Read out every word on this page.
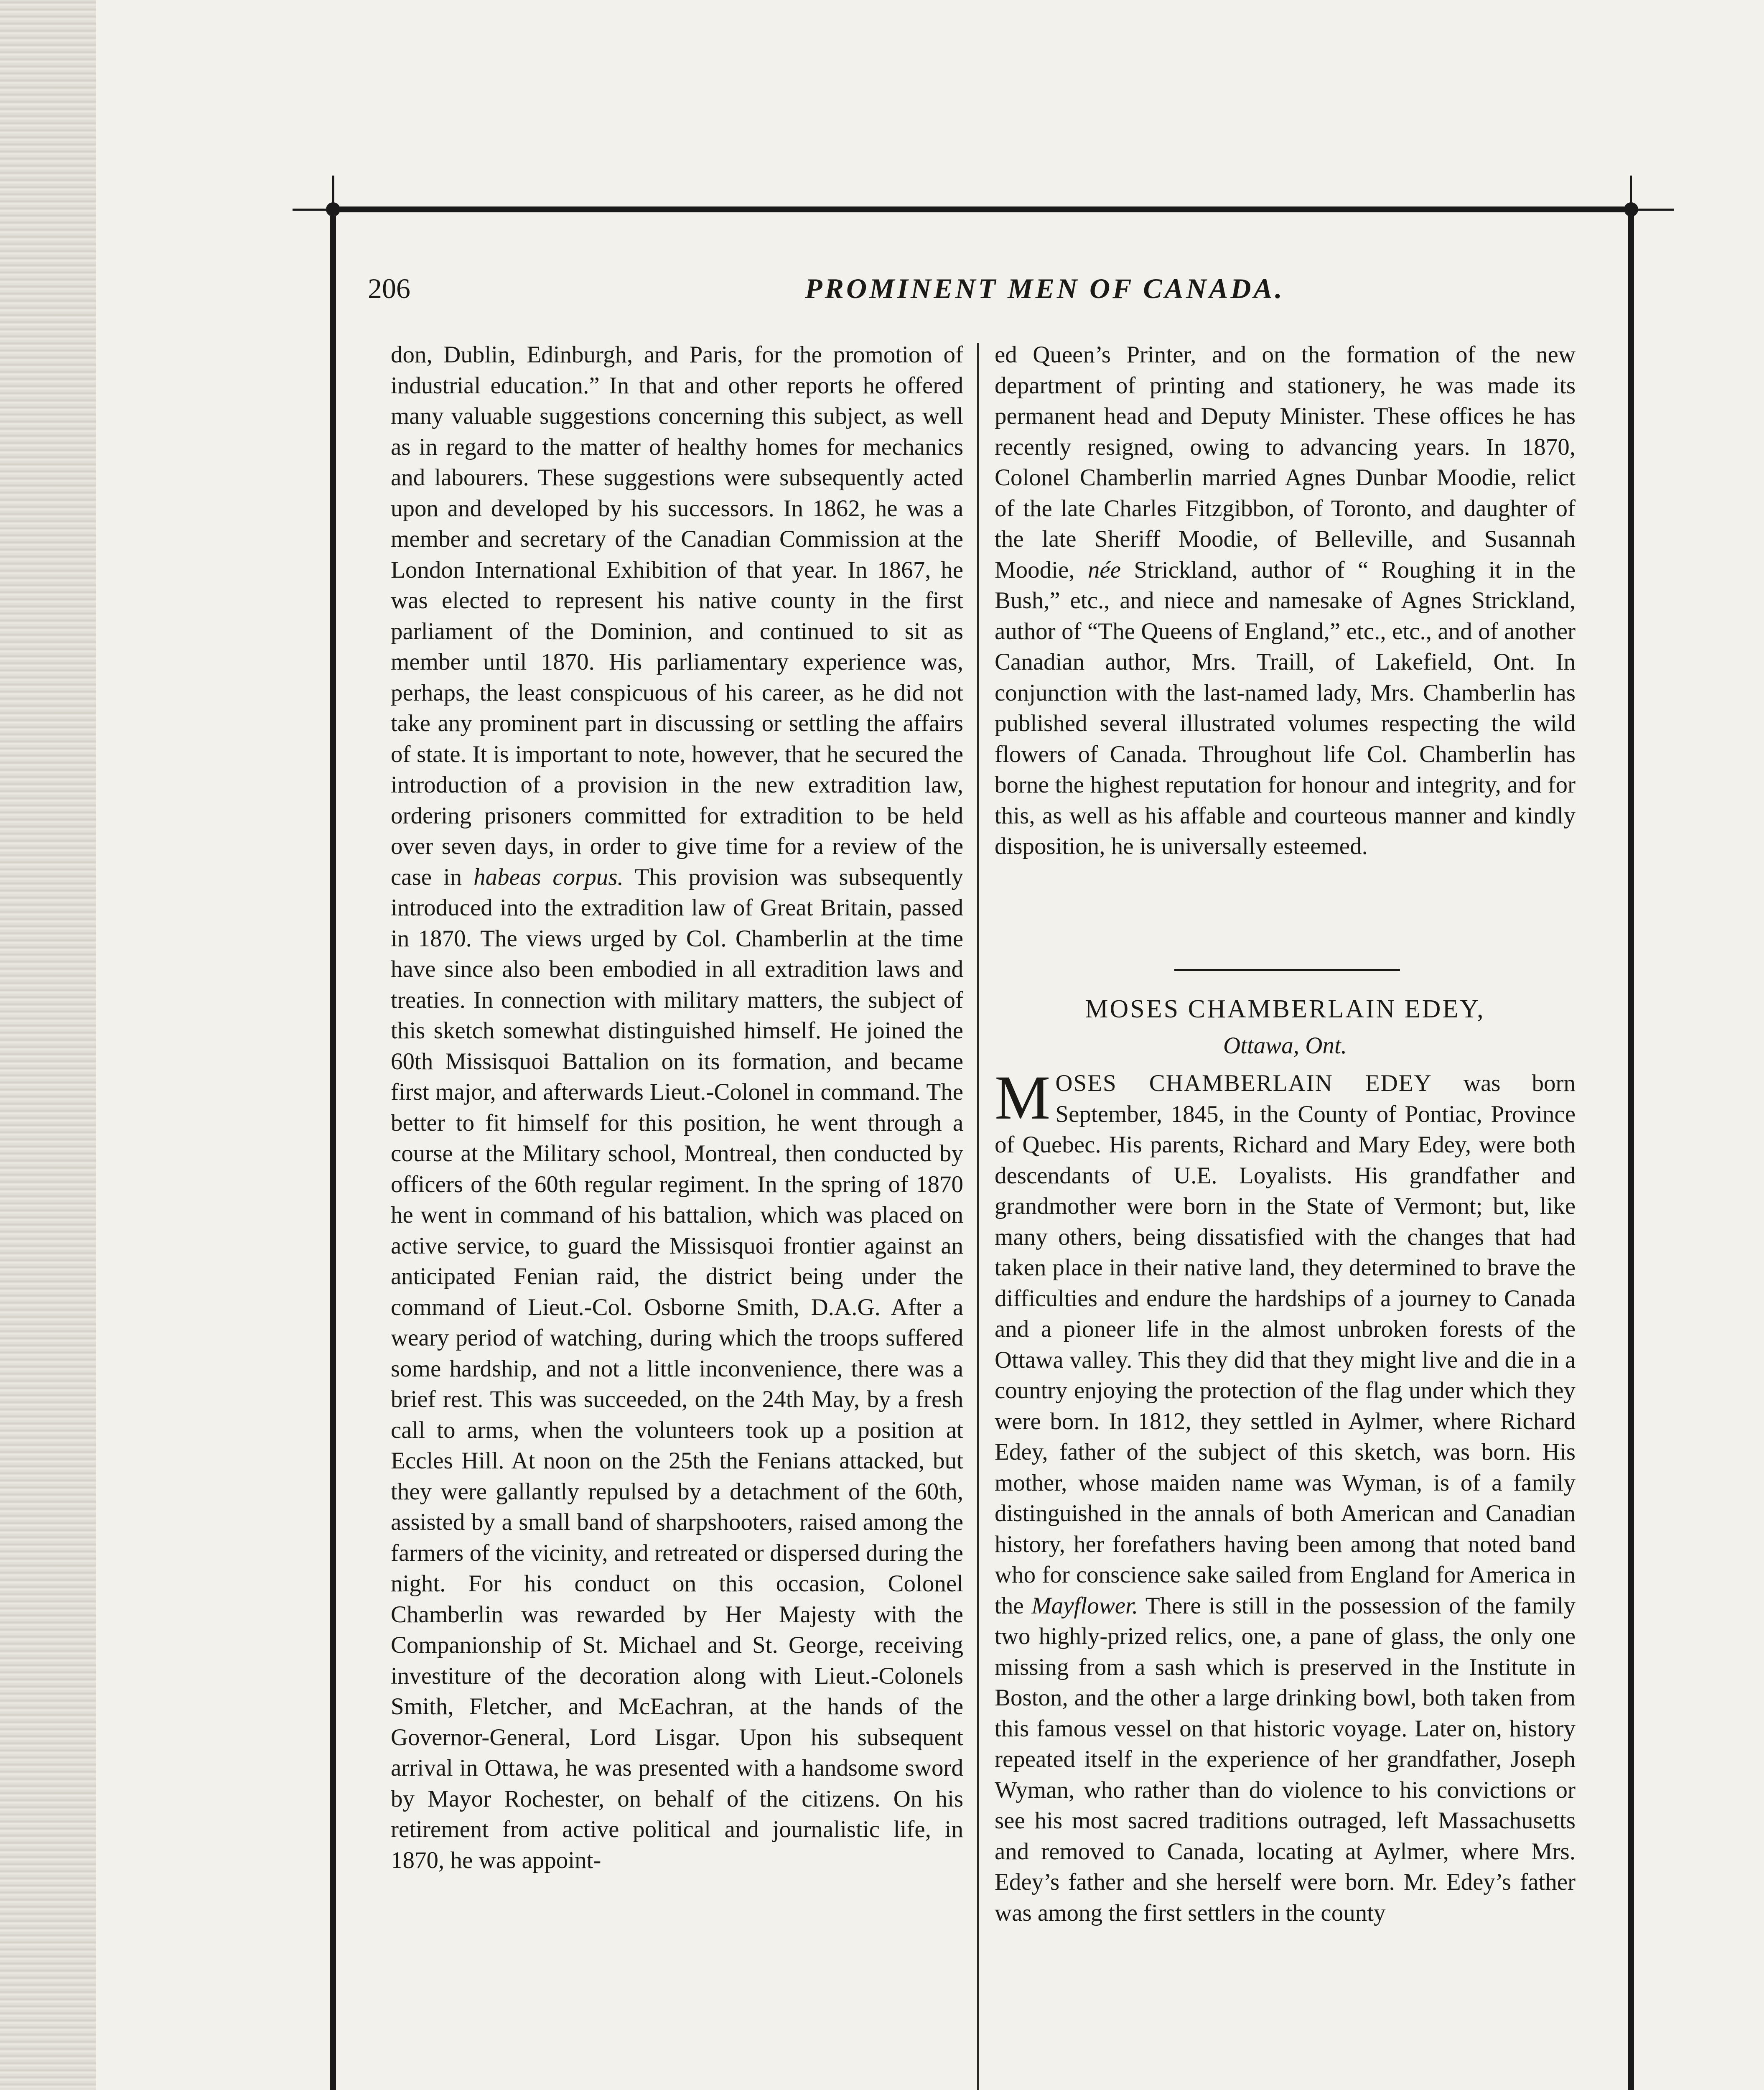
206	PROMINENT MEN OF CANADA.

don, Dublin, Edinburgh, and Paris, for the promotion of industrial education.” In that and other reports he offered many valuable suggestions concerning this subject, as well as in regard to the matter of healthy homes for mechanics and labourers. These suggestions were subsequently acted upon and developed by his successors. In 1862, he was a member and secretary of the Canadian Commission at the London International Exhibition of that year. In 1867, he was elected to represent his native county in the first parliament of the Dominion, and continued to sit as member until 1870. His parliamentary experience was, perhaps, the least conspicuous of his career, as he did not take any prominent part in discussing or settling the affairs of state. It is important to note, however, that he secured the introduction of a provision in the new extradition law, ordering prisoners committed for extradition to be held over seven days, in order to give time for a review of the case in habeas corpus. This provision was subsequently introduced into the extradition law of Great Britain, passed in 1870. The views urged by Col. Chamberlin at the time have since also been embodied in all extradition laws and treaties. In connection with military matters, the subject of this sketch somewhat distinguished himself. He joined the 60th Missisquoi Battalion on its formation, and became first major, and afterwards Lieut.-Colonel in command. The better to fit himself for this position, he went through a course at the Military school, Montreal, then conducted by officers of the 60th regular regiment. In the spring of 1870 he went in command of his battalion, which was placed on active service, to guard the Missisquoi frontier against an anticipated Fenian raid, the district being under the command of Lieut.-Col. Osborne Smith, D.A.G. After a weary period of watching, during which the troops suffered some hardship, and not a little inconvenience, there was a brief rest. This was succeeded, on the 24th May, by a fresh call to arms, when the volunteers took up a position at Eccles Hill. At noon on the 25th the Fenians attacked, but they were gallantly repulsed by a detachment of the 60th, assisted by a small band of sharpshooters, raised among the farmers of the vicinity, and retreated or dispersed during the night. For his conduct on this occasion, Colonel Chamberlin was rewarded by Her Majesty with the Companionship of St. Michael and St. George, receiving investiture of the decoration along with Lieut.-Colonels Smith, Fletcher, and McEachran, at the hands of the Governor-General, Lord Lisgar. Upon his subsequent arrival in Ottawa, he was presented with a handsome sword by Mayor Rochester, on behalf of the citizens. On his retirement from active political and journalistic life, in 1870, he was appoint-

ed Queen’s Printer, and on the formation of the new department of printing and stationery, he was made its permanent head and Deputy Minister. These offices he has recently resigned, owing to advancing years. In 1870, Colonel Chamberlin married Agnes Dunbar Moodie, relict of the late Charles Fitzgibbon, of Toronto, and daughter of the late Sheriff Moodie, of Belleville, and Susannah Moodie, née Strickland, author of “ Roughing it in the Bush,” etc., and niece and namesake of Agnes Strickland, author of “The Queens of England,” etc., etc., and of another Canadian author, Mrs. Traill, of Lakefield, Ont. In conjunction with the last-named lady, Mrs. Chamberlin has published several illustrated volumes respecting the wild flowers of Canada. Throughout life Col. Chamberlin has borne the highest reputation for honour and integrity, and for this, as well as his affable and courteous manner and kindly disposition, he is universally esteemed.

MOSES CHAMBERLAIN EDEY,
Ottawa, Ont.

MOSES CHAMBERLAIN EDEY was born September, 1845, in the County of Pontiac, Province of Quebec. His parents, Richard and Mary Edey, were both descendants of U.E. Loyalists. His grandfather and grandmother were born in the State of Vermont; but, like many others, being dissatisfied with the changes that had taken place in their native land, they determined to brave the difficulties and endure the hardships of a journey to Canada and a pioneer life in the almost unbroken forests of the Ottawa valley. This they did that they might live and die in a country enjoying the protection of the flag under which they were born. In 1812, they settled in Aylmer, where Richard Edey, father of the subject of this sketch, was born. His mother, whose maiden name was Wyman, is of a family distinguished in the annals of both American and Canadian history, her forefathers having been among that noted band who for conscience sake sailed from England for America in the Mayflower. There is still in the possession of the family two highly-prized relics, one, a pane of glass, the only one missing from a sash which is preserved in the Institute in Boston, and the other a large drinking bowl, both taken from this famous vessel on that historic voyage. Later on, history repeated itself in the experience of her grandfather, Joseph Wyman, who rather than do violence to his convictions or see his most sacred traditions outraged, left Massachusetts and removed to Canada, locating at Aylmer, where Mrs. Edey’s father and she herself were born. Mr. Edey’s father was among the first settlers in the county
